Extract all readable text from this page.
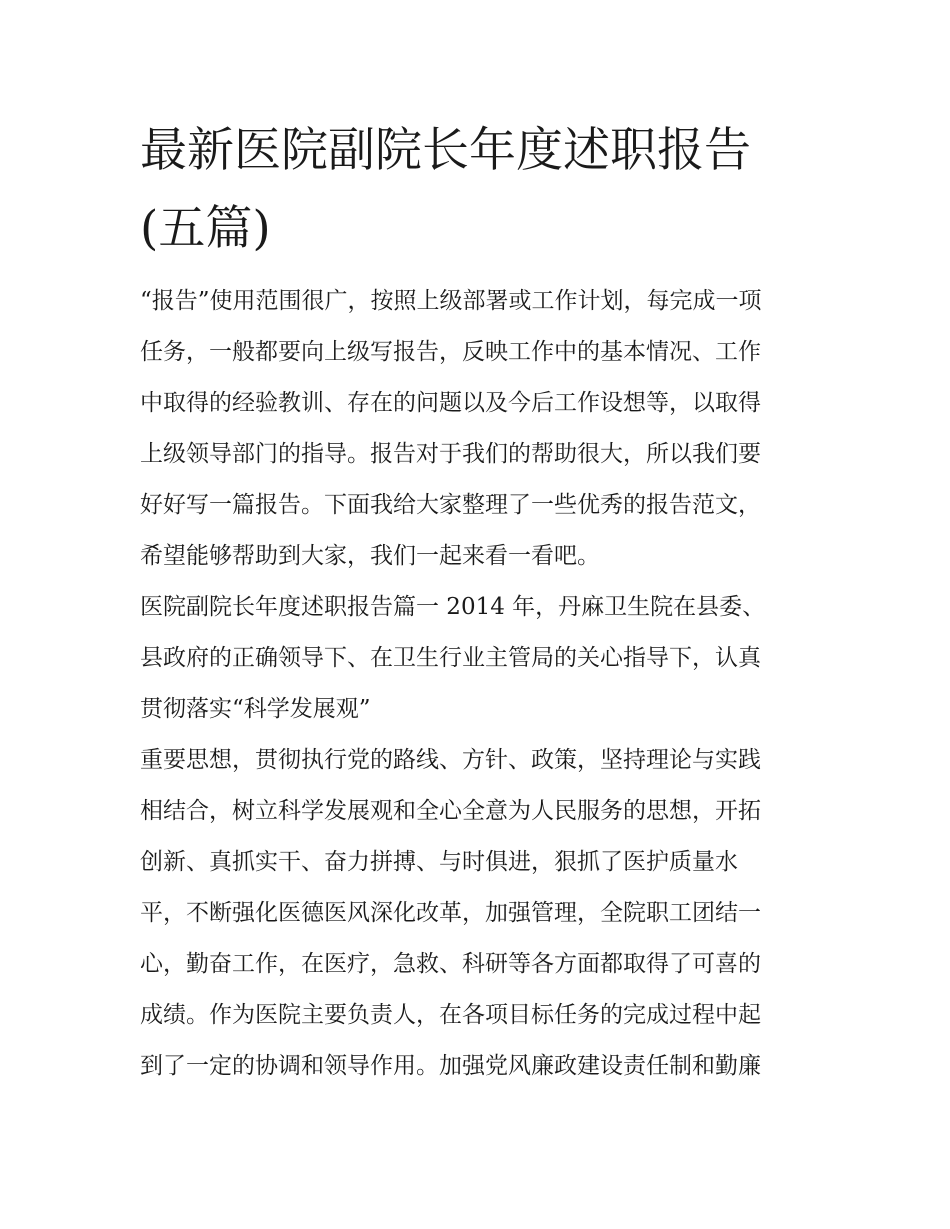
最新医院副院长年度述职报告
(五篇)
“报告”使用范围很广，按照上级部署或工作计划，每完成一项
任务，一般都要向上级写报告，反映工作中的基本情况、工作
中取得的经验教训、存在的问题以及今后工作设想等，以取得
上级领导部门的指导。报告对于我们的帮助很大，所以我们要
好好写一篇报告。下面我给大家整理了一些优秀的报告范文，
希望能够帮助到大家，我们一起来看一看吧。
医院副院长年度述职报告篇一 2014 年，丹麻卫生院在县委、
县政府的正确领导下、在卫生行业主管局的关心指导下，认真
贯彻落实“科学发展观”
重要思想，贯彻执行党的路线、方针、政策，坚持理论与实践
相结合，树立科学发展观和全心全意为人民服务的思想，开拓
创新、真抓实干、奋力拼搏、与时俱进，狠抓了医护质量水
平，不断强化医德医风深化改革，加强管理，全院职工团结一
心，勤奋工作，在医疗，急救、科研等各方面都取得了可喜的
成绩。作为医院主要负责人，在各项目标任务的完成过程中起
到了一定的协调和领导作用。加强党风廉政建设责任制和勤廉
